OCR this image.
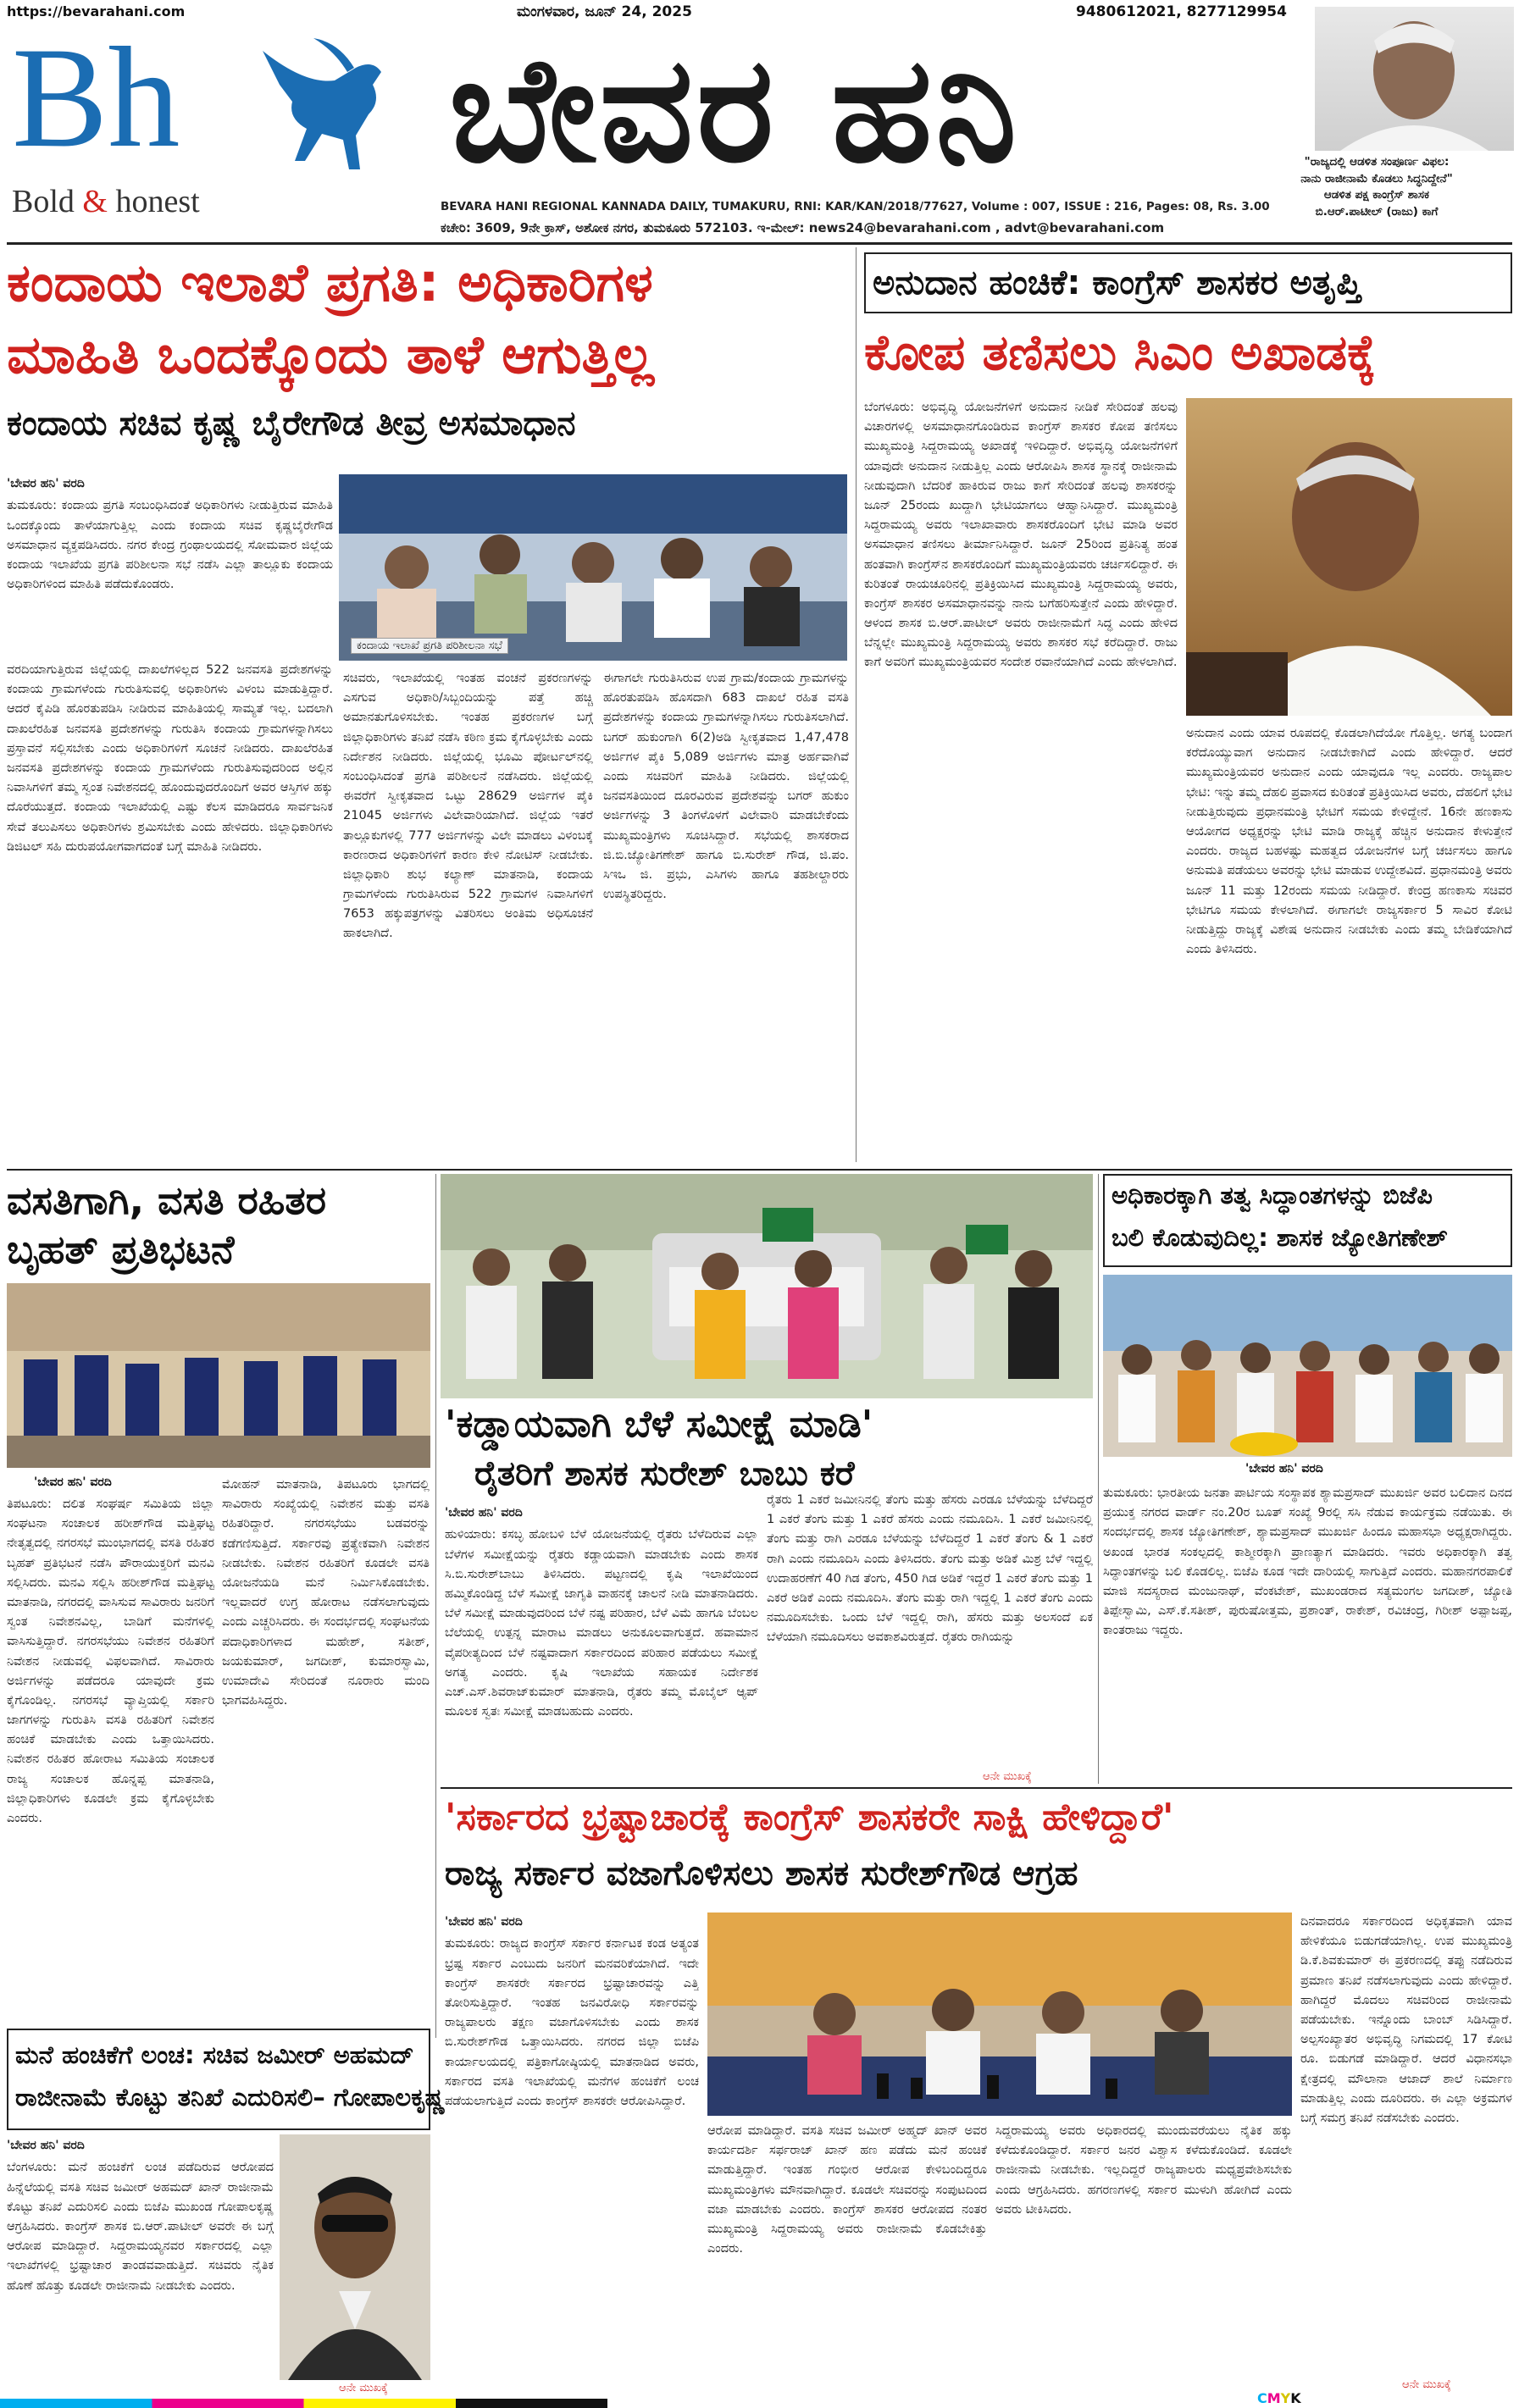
https://bevarahani.com	ಮಂಗಳವಾರ, ಜೂನ್ 24, 2025	9480612021, 8277129954
Bh
Bold & honest
ಬೇವರ ಹನಿ
BEVARA HANI REGIONAL KANNADA DAILY, TUMAKURU, RNI: KAR/KAN/2018/77627, Volume : 007, ISSUE : 216, Pages: 08, Rs. 3.00
ಕಚೇರಿ: 3609, 9ನೇ ಕ್ರಾಸ್, ಅಶೋಕ ನಗರ, ತುಮಕೂರು 572103. ಇ-ಮೇಲ್: news24@bevarahani.com , advt@bevarahani.com
"ರಾಜ್ಯದಲ್ಲಿ ಆಡಳಿತ ಸಂಪೂರ್ಣ ವಿಫಲ:
ನಾನು ರಾಜೀನಾಮೆ ಕೊಡಲು ಸಿದ್ಧನಿದ್ದೇನೆ"
ಆಡಳಿತ ಪಕ್ಷ ಕಾಂಗ್ರೆಸ್ ಶಾಸಕ
ಬಿ.ಆರ್.ಪಾಟೀಲ್ (ರಾಜು) ಕಾಗೆ
ಕಂದಾಯ ಇಲಾಖೆ ಪ್ರಗತಿ: ಅಧಿಕಾರಿಗಳ
ಮಾಹಿತಿ ಒಂದಕ್ಕೊಂದು ತಾಳೆ ಆಗುತ್ತಿಲ್ಲ
ಕಂದಾಯ ಸಚಿವ ಕೃಷ್ಣ ಬೈರೇಗೌಡ ತೀವ್ರ ಅಸಮಾಧಾನ
'ಬೇವರ ಹನಿ' ವರದಿ
ತುಮಕೂರು: ಕಂದಾಯ ಪ್ರಗತಿ ಸಂಬಂಧಿಸಿದಂತೆ ಅಧಿಕಾರಿಗಳು ನೀಡುತ್ತಿರುವ ಮಾಹಿತಿ ಒಂದಕ್ಕೊಂದು ತಾಳೆಯಾಗುತ್ತಿಲ್ಲ ಎಂದು ಕಂದಾಯ ಸಚಿವ ಕೃಷ್ಣಬೈರೇಗೌಡ ಅಸಮಾಧಾನ ವ್ಯಕ್ತಪಡಿಸಿದರು. ನಗರ ಕೇಂದ್ರ ಗ್ರಂಥಾಲಯದಲ್ಲಿ ಸೋಮವಾರ ಜಿಲ್ಲೆಯ ಕಂದಾಯ ಇಲಾಖೆಯ ಪ್ರಗತಿ ಪರಿಶೀಲನಾ ಸಭೆ ನಡೆಸಿ ಎಲ್ಲಾ ತಾಲ್ಲೂಕು ಕಂದಾಯ ಅಧಿಕಾರಿಗಳಿಂದ ಮಾಹಿತಿ ಪಡೆದುಕೊಂಡರು.
ಕಂದಾಯ ಇಲಾಖೆ ಪ್ರಗತಿ ಪರಿಶೀಲನಾ ಸಭೆ
ವರದಿಯಾಗುತ್ತಿರುವ ಜಿಲ್ಲೆಯಲ್ಲಿ ದಾಖಲೆಗಳಿಲ್ಲದ 522 ಜನವಸತಿ ಪ್ರದೇಶಗಳನ್ನು ಕಂದಾಯ ಗ್ರಾಮಗಳೆಂದು ಗುರುತಿಸುವಲ್ಲಿ ಅಧಿಕಾರಿಗಳು ವಿಳಂಬ ಮಾಡುತ್ತಿದ್ದಾರೆ. ಆದರೆ ಕೈಪಿಡಿ ಹೊರತುಪಡಿಸಿ ನೀಡಿರುವ ಮಾಹಿತಿಯಲ್ಲಿ ಸಾಮ್ಯತೆ ಇಲ್ಲ. ಬದಲಾಗಿ ದಾಖಲೆರಹಿತ ಜನವಸತಿ ಪ್ರದೇಶಗಳನ್ನು ಗುರುತಿಸಿ ಕಂದಾಯ ಗ್ರಾಮಗಳನ್ನಾಗಿಸಲು ಪ್ರಸ್ತಾವನೆ ಸಲ್ಲಿಸಬೇಕು ಎಂದು ಅಧಿಕಾರಿಗಳಿಗೆ ಸೂಚನೆ ನೀಡಿದರು. ದಾಖಲೆರಹಿತ ಜನವಸತಿ ಪ್ರದೇಶಗಳನ್ನು ಕಂದಾಯ ಗ್ರಾಮಗಳೆಂದು ಗುರುತಿಸುವುದರಿಂದ ಅಲ್ಲಿನ ನಿವಾಸಿಗಳಿಗೆ ತಮ್ಮ ಸ್ವಂತ ನಿವೇಶನದಲ್ಲಿ ಹೊಂದುವುದರೊಂದಿಗೆ ಅವರ ಆಸ್ತಿಗಳ ಹಕ್ಕು ದೊರೆಯುತ್ತದೆ. ಕಂದಾಯ ಇಲಾಖೆಯಲ್ಲಿ ಎಷ್ಟು ಕೆಲಸ ಮಾಡಿದರೂ ಸಾರ್ವಜನಿಕ ಸೇವೆ ತಲುಪಿಸಲು ಅಧಿಕಾರಿಗಳು ಶ್ರಮಿಸಬೇಕು ಎಂದು ಹೇಳಿದರು. ಜಿಲ್ಲಾಧಿಕಾರಿಗಳು ಡಿಜಿಟಲ್ ಸಹಿ ದುರುಪಯೋಗವಾಗದಂತೆ ಬಗ್ಗೆ ಮಾಹಿತಿ ನೀಡಿದರು.
ಸಚಿವರು, ಇಲಾಖೆಯಲ್ಲಿ ಇಂತಹ ವಂಚನೆ ಪ್ರಕರಣಗಳನ್ನು ಎಸಗುವ ಅಧಿಕಾರಿ/ಸಿಬ್ಬಂದಿಯನ್ನು ಪತ್ತೆ ಹಚ್ಚಿ ಅಮಾನತುಗೊಳಿಸಬೇಕು. ಇಂತಹ ಪ್ರಕರಣಗಳ ಬಗ್ಗೆ ಜಿಲ್ಲಾಧಿಕಾರಿಗಳು ತನಿಖೆ ನಡೆಸಿ ಕಠಿಣ ಕ್ರಮ ಕೈಗೊಳ್ಳಬೇಕು ಎಂದು ನಿರ್ದೇಶನ ನೀಡಿದರು. ಜಿಲ್ಲೆಯಲ್ಲಿ ಭೂಮಿ ಪೋರ್ಟಲ್‌ನಲ್ಲಿ ಸಂಬಂಧಿಸಿದಂತೆ ಪ್ರಗತಿ ಪರಿಶೀಲನೆ ನಡೆಸಿದರು. ಜಿಲ್ಲೆಯಲ್ಲಿ ಈವರೆಗೆ ಸ್ವೀಕೃತವಾದ ಒಟ್ಟು 28629 ಅರ್ಜಿಗಳ ಪೈಕಿ 21045 ಅರ್ಜಿಗಳು ವಿಲೇವಾರಿಯಾಗಿದೆ. ಜಿಲ್ಲೆಯ ಇತರೆ ತಾಲ್ಲೂಕುಗಳಲ್ಲಿ 777 ಅರ್ಜಿಗಳನ್ನು ವಿಲೇ ಮಾಡಲು ವಿಳಂಬಕ್ಕೆ ಕಾರಣರಾದ ಅಧಿಕಾರಿಗಳಿಗೆ ಕಾರಣ ಕೇಳಿ ನೋಟಿಸ್ ನೀಡಬೇಕು. ಜಿಲ್ಲಾಧಿಕಾರಿ ಶುಭ ಕಲ್ಯಾಣ್ ಮಾತನಾಡಿ, ಕಂದಾಯ ಗ್ರಾಮಗಳೆಂದು ಗುರುತಿಸಿರುವ 522 ಗ್ರಾಮಗಳ ನಿವಾಸಿಗಳಿಗೆ 7653 ಹಕ್ಕುಪತ್ರಗಳನ್ನು ವಿತರಿಸಲು ಅಂತಿಮ ಅಧಿಸೂಚನೆ ಹಾಕಲಾಗಿದೆ.
ಈಗಾಗಲೇ ಗುರುತಿಸಿರುವ ಉಪ ಗ್ರಾಮ/ಕಂದಾಯ ಗ್ರಾಮಗಳನ್ನು ಹೊರತುಪಡಿಸಿ ಹೊಸದಾಗಿ 683 ದಾಖಲೆ ರಹಿತ ವಸತಿ ಪ್ರದೇಶಗಳನ್ನು ಕಂದಾಯ ಗ್ರಾಮಗಳನ್ನಾಗಿಸಲು ಗುರುತಿಸಲಾಗಿದೆ. ಬಗರ್ ಹುಕುಂಗಾಗಿ 6(2)ಅಡಿ ಸ್ವೀಕೃತವಾದ 1,47,478 ಅರ್ಜಿಗಳ ಪೈಕಿ 5,089 ಅರ್ಜಿಗಳು ಮಾತ್ರ ಅರ್ಹವಾಗಿವೆ ಎಂದು ಸಚಿವರಿಗೆ ಮಾಹಿತಿ ನೀಡಿದರು. ಜಿಲ್ಲೆಯಲ್ಲಿ ಜನವಸತಿಯಿಂದ ದೂರವಿರುವ ಪ್ರದೇಶವನ್ನು ಬಗರ್ ಹುಕುಂ ಅರ್ಜಿಗಳನ್ನು 3 ತಿಂಗಳೊಳಗೆ ವಿಲೇವಾರಿ ಮಾಡಬೇಕೆಂದು ಮುಖ್ಯಮಂತ್ರಿಗಳು ಸೂಚಿಸಿದ್ದಾರೆ. ಸಭೆಯಲ್ಲಿ ಶಾಸಕರಾದ ಜಿ.ಬಿ.ಜ್ಯೋತಿಗಣೇಶ್ ಹಾಗೂ ಬಿ.ಸುರೇಶ್ ಗೌಡ, ಜಿ.ಪಂ. ಸಿಇಒ ಜಿ. ಪ್ರಭು, ಎಸಿಗಳು ಹಾಗೂ ತಹಶೀಲ್ದಾರರು ಉಪಸ್ಥಿತರಿದ್ದರು.
ಅನುದಾನ ಹಂಚಿಕೆ: ಕಾಂಗ್ರೆಸ್ ಶಾಸಕರ ಅತೃಪ್ತಿ
ಕೋಪ ತಣಿಸಲು ಸಿಎಂ ಅಖಾಡಕ್ಕೆ
ಬೆಂಗಳೂರು: ಅಭಿವೃದ್ಧಿ ಯೋಜನೆಗಳಿಗೆ ಅನುದಾನ ನೀಡಿಕೆ ಸೇರಿದಂತೆ ಹಲವು ವಿಚಾರಗಳಲ್ಲಿ ಅಸಮಾಧಾನಗೊಂಡಿರುವ ಕಾಂಗ್ರೆಸ್ ಶಾಸಕರ ಕೋಪ ತಣಿಸಲು ಮುಖ್ಯಮಂತ್ರಿ ಸಿದ್ದರಾಮಯ್ಯ ಅಖಾಡಕ್ಕೆ ಇಳಿದಿದ್ದಾರೆ. ಅಭಿವೃದ್ಧಿ ಯೋಜನೆಗಳಿಗೆ ಯಾವುದೇ ಅನುದಾನ ನೀಡುತ್ತಿಲ್ಲ ಎಂದು ಆರೋಪಿಸಿ ಶಾಸಕ ಸ್ಥಾನಕ್ಕೆ ರಾಜೀನಾಮೆ ನೀಡುವುದಾಗಿ ಬೆದರಿಕೆ ಹಾಕಿರುವ ರಾಜು ಕಾಗೆ ಸೇರಿದಂತೆ ಹಲವು ಶಾಸಕರನ್ನು ಜೂನ್ 25ರಂದು ಖುದ್ದಾಗಿ ಭೇಟಿಯಾಗಲು ಆಹ್ವಾನಿಸಿದ್ದಾರೆ. ಮುಖ್ಯಮಂತ್ರಿ ಸಿದ್ದರಾಮಯ್ಯ ಅವರು ಇಲಾಖಾವಾರು ಶಾಸಕರೊಂದಿಗೆ ಭೇಟಿ ಮಾಡಿ ಅವರ ಅಸಮಾಧಾನ ತಣಿಸಲು ತೀರ್ಮಾನಿಸಿದ್ದಾರೆ. ಜೂನ್ 25ರಿಂದ ಪ್ರತಿನಿತ್ಯ ಹಂತ ಹಂತವಾಗಿ ಕಾಂಗ್ರೆಸ್‌ನ ಶಾಸಕರೊಂದಿಗೆ ಮುಖ್ಯಮಂತ್ರಿಯವರು ಚರ್ಚಿಸಲಿದ್ದಾರೆ. ಈ ಕುರಿತಂತೆ ರಾಯಚೂರಿನಲ್ಲಿ ಪ್ರತಿಕ್ರಿಯಿಸಿದ ಮುಖ್ಯಮಂತ್ರಿ ಸಿದ್ದರಾಮಯ್ಯ ಅವರು, ಕಾಂಗ್ರೆಸ್ ಶಾಸಕರ ಅಸಮಾಧಾನವನ್ನು ನಾನು ಬಗೆಹರಿಸುತ್ತೇನೆ ಎಂದು ಹೇಳಿದ್ದಾರೆ. ಆಳಂದ ಶಾಸಕ ಬಿ.ಆರ್.ಪಾಟೀಲ್ ಅವರು ರಾಜೀನಾಮೆಗೆ ಸಿದ್ಧ ಎಂದು ಹೇಳಿದ ಬೆನ್ನಲ್ಲೇ ಮುಖ್ಯಮಂತ್ರಿ ಸಿದ್ದರಾಮಯ್ಯ ಅವರು ಶಾಸಕರ ಸಭೆ ಕರೆದಿದ್ದಾರೆ. ರಾಜು ಕಾಗೆ ಅವರಿಗೆ ಮುಖ್ಯಮಂತ್ರಿಯವರ ಸಂದೇಶ ರವಾನೆಯಾಗಿದೆ ಎಂದು ಹೇಳಲಾಗಿದೆ.
ಅನುದಾನ ಎಂದು ಯಾವ ರೂಪದಲ್ಲಿ ಕೊಡಲಾಗಿದೆಯೋ ಗೊತ್ತಿಲ್ಲ. ಅಗತ್ಯ ಬಂದಾಗ ಕರೆದೊಯ್ಯುವಾಗ ಅನುದಾನ ನೀಡಬೇಕಾಗಿದೆ ಎಂದು ಹೇಳಿದ್ದಾರೆ. ಆದರೆ ಮುಖ್ಯಮಂತ್ರಿಯವರ ಅನುದಾನ ಎಂದು ಯಾವುದೂ ಇಲ್ಲ ಎಂದರು. ರಾಜ್ಯಪಾಲ ಭೇಟಿ: ಇನ್ನು ತಮ್ಮ ದೆಹಲಿ ಪ್ರವಾಸದ ಕುರಿತಂತೆ ಪ್ರತಿಕ್ರಿಯಿಸಿದ ಅವರು, ದೆಹಲಿಗೆ ಭೇಟಿ ನೀಡುತ್ತಿರುವುದು ಪ್ರಧಾನಮಂತ್ರಿ ಭೇಟಿಗೆ ಸಮಯ ಕೇಳಿದ್ದೇನೆ. 16ನೇ ಹಣಕಾಸು ಆಯೋಗದ ಅಧ್ಯಕ್ಷರನ್ನು ಭೇಟಿ ಮಾಡಿ ರಾಜ್ಯಕ್ಕೆ ಹೆಚ್ಚಿನ ಅನುದಾನ ಕೇಳುತ್ತೇನೆ ಎಂದರು. ರಾಜ್ಯದ ಬಹಳಷ್ಟು ಮಹತ್ವದ ಯೋಜನೆಗಳ ಬಗ್ಗೆ ಚರ್ಚಿಸಲು ಹಾಗೂ ಅನುಮತಿ ಪಡೆಯಲು ಅವರನ್ನು ಭೇಟಿ ಮಾಡುವ ಉದ್ದೇಶವಿದೆ. ಪ್ರಧಾನಮಂತ್ರಿ ಅವರು ಜೂನ್ 11 ಮತ್ತು 12ರಂದು ಸಮಯ ನೀಡಿದ್ದಾರೆ. ಕೇಂದ್ರ ಹಣಕಾಸು ಸಚಿವರ ಭೇಟಿಗೂ ಸಮಯ ಕೇಳಲಾಗಿದೆ. ಈಗಾಗಲೇ ರಾಜ್ಯಸರ್ಕಾರ 5 ಸಾವಿರ ಕೋಟಿ ನೀಡುತ್ತಿದ್ದು ರಾಜ್ಯಕ್ಕೆ ವಿಶೇಷ ಅನುದಾನ ನೀಡಬೇಕು ಎಂದು ತಮ್ಮ ಬೇಡಿಕೆಯಾಗಿದೆ ಎಂದು ತಿಳಿಸಿದರು.
ವಸತಿಗಾಗಿ, ವಸತಿ ರಹಿತರ
ಬೃಹತ್ ಪ್ರತಿಭಟನೆ
'ಬೇವರ ಹನಿ' ವರದಿ
ತಿಪಟೂರು: ದಲಿತ ಸಂಘರ್ಷ ಸಮಿತಿಯ ಜಿಲ್ಲಾ ಸಂಘಟನಾ ಸಂಚಾಲಕ ಹರೀಶ್‌ಗೌಡ ಮತ್ತಿಘಟ್ಟ ನೇತೃತ್ವದಲ್ಲಿ ನಗರಸಭೆ ಮುಂಭಾಗದಲ್ಲಿ ವಸತಿ ರಹಿತರ ಬೃಹತ್ ಪ್ರತಿಭಟನೆ ನಡೆಸಿ ಪೌರಾಯುಕ್ತರಿಗೆ ಮನವಿ ಸಲ್ಲಿಸಿದರು. ಮನವಿ ಸಲ್ಲಿಸಿ ಹರೀಶ್‌ಗೌಡ ಮತ್ತಿಘಟ್ಟ ಮಾತನಾಡಿ, ನಗರದಲ್ಲಿ ವಾಸಿಸುವ ಸಾವಿರಾರು ಜನರಿಗೆ ಸ್ವಂತ ನಿವೇಶನವಿಲ್ಲ, ಬಾಡಿಗೆ ಮನೆಗಳಲ್ಲಿ ವಾಸಿಸುತ್ತಿದ್ದಾರೆ. ನಗರಸಭೆಯು ನಿವೇಶನ ರಹಿತರಿಗೆ ನಿವೇಶನ ನೀಡುವಲ್ಲಿ ವಿಫಲವಾಗಿದೆ. ಸಾವಿರಾರು ಅರ್ಜಿಗಳನ್ನು ಪಡೆದರೂ ಯಾವುದೇ ಕ್ರಮ ಕೈಗೊಂಡಿಲ್ಲ. ನಗರಸಭೆ ವ್ಯಾಪ್ತಿಯಲ್ಲಿ ಸರ್ಕಾರಿ ಜಾಗಗಳನ್ನು ಗುರುತಿಸಿ ವಸತಿ ರಹಿತರಿಗೆ ನಿವೇಶನ ಹಂಚಿಕೆ ಮಾಡಬೇಕು ಎಂದು ಒತ್ತಾಯಿಸಿದರು. ನಿವೇಶನ ರಹಿತರ ಹೋರಾಟ ಸಮಿತಿಯ ಸಂಚಾಲಕ ರಾಜ್ಯ ಸಂಚಾಲಕ ಹೊನ್ನಪ್ಪ ಮಾತನಾಡಿ, ಜಿಲ್ಲಾಧಿಕಾರಿಗಳು ಕೂಡಲೇ ಕ್ರಮ ಕೈಗೊಳ್ಳಬೇಕು ಎಂದರು.
ಮೋಹನ್ ಮಾತನಾಡಿ, ತಿಪಟೂರು ಭಾಗದಲ್ಲಿ ಸಾವಿರಾರು ಸಂಖ್ಯೆಯಲ್ಲಿ ನಿವೇಶನ ಮತ್ತು ವಸತಿ ರಹಿತರಿದ್ದಾರೆ. ನಗರಸಭೆಯು ಬಡವರನ್ನು ಕಡೆಗಣಿಸುತ್ತಿದೆ. ಸರ್ಕಾರವು ಪ್ರತ್ಯೇಕವಾಗಿ ನಿವೇಶನ ನೀಡಬೇಕು. ನಿವೇಶನ ರಹಿತರಿಗೆ ಕೂಡಲೇ ವಸತಿ ಯೋಜನೆಯಡಿ ಮನೆ ನಿರ್ಮಿಸಿಕೊಡಬೇಕು. ಇಲ್ಲವಾದರೆ ಉಗ್ರ ಹೋರಾಟ ನಡೆಸಲಾಗುವುದು ಎಂದು ಎಚ್ಚರಿಸಿದರು. ಈ ಸಂದರ್ಭದಲ್ಲಿ ಸಂಘಟನೆಯ ಪದಾಧಿಕಾರಿಗಳಾದ ಮಹೇಶ್, ಸತೀಶ್, ಜಯಕುಮಾರ್, ಜಗದೀಶ್, ಕುಮಾರಸ್ವಾಮಿ, ಉಮಾದೇವಿ ಸೇರಿದಂತೆ ನೂರಾರು ಮಂದಿ ಭಾಗವಹಿಸಿದ್ದರು.
'ಕಡ್ಡಾಯವಾಗಿ ಬೆಳೆ ಸಮೀಕ್ಷೆ ಮಾಡಿ'
ರೈತರಿಗೆ ಶಾಸಕ ಸುರೇಶ್ ಬಾಬು ಕರೆ
'ಬೇವರ ಹನಿ' ವರದಿ
ಹುಳಿಯಾರು: ಕಸಬ್ಳ ಹೋಬಳಿ ಬೆಳೆ ಯೋಜನೆಯಲ್ಲಿ ರೈತರು ಬೆಳೆದಿರುವ ಎಲ್ಲಾ ಬೆಳೆಗಳ ಸಮೀಕ್ಷೆಯನ್ನು ರೈತರು ಕಡ್ಡಾಯವಾಗಿ ಮಾಡಬೇಕು ಎಂದು ಶಾಸಕ ಸಿ.ಬಿ.ಸುರೇಶ್‌ಬಾಬು ತಿಳಿಸಿದರು. ಪಟ್ಟಣದಲ್ಲಿ ಕೃಷಿ ಇಲಾಖೆಯಿಂದ ಹಮ್ಮಿಕೊಂಡಿದ್ದ ಬೆಳೆ ಸಮೀಕ್ಷೆ ಜಾಗೃತಿ ವಾಹನಕ್ಕೆ ಚಾಲನೆ ನೀಡಿ ಮಾತನಾಡಿದರು. ಬೆಳೆ ಸಮೀಕ್ಷೆ ಮಾಡುವುದರಿಂದ ಬೆಳೆ ನಷ್ಟ ಪರಿಹಾರ, ಬೆಳೆ ವಿಮೆ ಹಾಗೂ ಬೆಂಬಲ ಬೆಲೆಯಲ್ಲಿ ಉತ್ಪನ್ನ ಮಾರಾಟ ಮಾಡಲು ಅನುಕೂಲವಾಗುತ್ತದೆ. ಹವಾಮಾನ ವೈಪರೀತ್ಯದಿಂದ ಬೆಳೆ ನಷ್ಟವಾದಾಗ ಸರ್ಕಾರದಿಂದ ಪರಿಹಾರ ಪಡೆಯಲು ಸಮೀಕ್ಷೆ ಅಗತ್ಯ ಎಂದರು. ಕೃಷಿ ಇಲಾಖೆಯ ಸಹಾಯಕ ನಿರ್ದೇಶಕ ಎಚ್.ಎಸ್.ಶಿವರಾಜ್‌ಕುಮಾರ್ ಮಾತನಾಡಿ, ರೈತರು ತಮ್ಮ ಮೊಬೈಲ್ ಆ್ಯಪ್ ಮೂಲಕ ಸ್ವತಃ ಸಮೀಕ್ಷೆ ಮಾಡಬಹುದು ಎಂದರು.
ರೈತರು 1 ಎಕರೆ ಜಮೀನಿನಲ್ಲಿ ತೆಂಗು ಮತ್ತು ಹೆಸರು ಎರಡೂ ಬೆಳೆಯನ್ನು ಬೆಳೆದಿದ್ದರೆ 1 ಎಕರೆ ತೆಂಗು ಮತ್ತು 1 ಎಕರೆ ಹೆಸರು ಎಂದು ನಮೂದಿಸಿ. 1 ಎಕರೆ ಜಮೀನಿನಲ್ಲಿ ತೆಂಗು ಮತ್ತು ರಾಗಿ ಎರಡೂ ಬೆಳೆಯನ್ನು ಬೆಳೆದಿದ್ದರೆ 1 ಎಕರೆ ತೆಂಗು & 1 ಎಕರೆ ರಾಗಿ ಎಂದು ನಮೂದಿಸಿ ಎಂದು ತಿಳಿಸಿದರು. ತೆಂಗು ಮತ್ತು ಅಡಿಕೆ ಮಿಶ್ರ ಬೆಳೆ ಇದ್ದಲ್ಲಿ ಉದಾಹರಣೆಗೆ 40 ಗಿಡ ತೆಂಗು, 450 ಗಿಡ ಅಡಿಕೆ ಇದ್ದರೆ 1 ಎಕರೆ ತೆಂಗು ಮತ್ತು 1 ಎಕರೆ ಅಡಿಕೆ ಎಂದು ನಮೂದಿಸಿ. ತೆಂಗು ಮತ್ತು ರಾಗಿ ಇದ್ದಲ್ಲಿ 1 ಎಕರೆ ತೆಂಗು ಎಂದು ನಮೂದಿಸಬೇಕು. ಒಂದು ಬೆಳೆ ಇದ್ದಲ್ಲಿ ರಾಗಿ, ಹೆಸರು ಮತ್ತು ಅಲಸಂದೆ ಏಕ ಬೆಳೆಯಾಗಿ ನಮೂದಿಸಲು ಅವಕಾಶವಿರುತ್ತದೆ. ರೈತರು ರಾಗಿಯನ್ನು
ಆನೇ ಮುಖಕ್ಕೆ
ಅಧಿಕಾರಕ್ಕಾಗಿ ತತ್ವ ಸಿದ್ಧಾಂತಗಳನ್ನು ಬಿಜೆಪಿ
ಬಲಿ ಕೊಡುವುದಿಲ್ಲ: ಶಾಸಕ ಜ್ಯೋತಿಗಣೇಶ್
'ಬೇವರ ಹನಿ' ವರದಿ
ತುಮಕೂರು: ಭಾರತೀಯ ಜನತಾ ಪಾರ್ಟಿಯ ಸಂಸ್ಥಾಪಕ ಶ್ಯಾಮಪ್ರಸಾದ್ ಮುಖರ್ಜಿ ಅವರ ಬಲಿದಾನ ದಿನದ ಪ್ರಯುಕ್ತ ನಗರದ ವಾರ್ಡ್ ನಂ.20ರ ಬೂತ್ ಸಂಖ್ಯೆ 9ರಲ್ಲಿ ಸಸಿ ನೆಡುವ ಕಾರ್ಯಕ್ರಮ ನಡೆಯಿತು. ಈ ಸಂದರ್ಭದಲ್ಲಿ ಶಾಸಕ ಜ್ಯೋತಿಗಣೇಶ್, ಶ್ಯಾಮಪ್ರಸಾದ್ ಮುಖರ್ಜಿ ಹಿಂದೂ ಮಹಾಸಭಾ ಅಧ್ಯಕ್ಷರಾಗಿದ್ದರು. ಅಖಂಡ ಭಾರತ ಸಂಕಲ್ಪದಲ್ಲಿ ಕಾಶ್ಮೀರಕ್ಕಾಗಿ ಪ್ರಾಣತ್ಯಾಗ ಮಾಡಿದರು. ಇವರು ಅಧಿಕಾರಕ್ಕಾಗಿ ತತ್ವ ಸಿದ್ಧಾಂತಗಳನ್ನು ಬಲಿ ಕೊಡಲಿಲ್ಲ. ಬಿಜೆಪಿ ಕೂಡ ಇದೇ ದಾರಿಯಲ್ಲಿ ಸಾಗುತ್ತಿದೆ ಎಂದರು. ಮಹಾನಗರಪಾಲಿಕೆ ಮಾಜಿ ಸದಸ್ಯರಾದ ಮಂಜುನಾಥ್, ವೆಂಕಟೇಶ್, ಮುಖಂಡರಾದ ಸತ್ಯಮಂಗಲ ಜಗದೀಶ್, ಜ್ಯೋತಿ ತಿಪ್ಪೇಸ್ವಾಮಿ, ಎಸ್.ಕೆ.ಸತೀಶ್, ಪುರುಷೋತ್ತಮ, ಪ್ರಶಾಂತ್, ರಾಕೇಶ್, ರವಿಚಂದ್ರ, ಗಿರೀಶ್ ಅಪ್ಪಾಜಪ್ಪ, ಕಾಂತರಾಜು ಇದ್ದರು.
'ಸರ್ಕಾರದ ಭ್ರಷ್ಟಾಚಾರಕ್ಕೆ ಕಾಂಗ್ರೆಸ್ ಶಾಸಕರೇ ಸಾಕ್ಷಿ ಹೇಳಿದ್ದಾರೆ'
ರಾಜ್ಯ ಸರ್ಕಾರ ವಜಾಗೊಳಿಸಲು ಶಾಸಕ ಸುರೇಶ್‌ಗೌಡ ಆಗ್ರಹ
'ಬೇವರ ಹನಿ' ವರದಿ
ತುಮಕೂರು: ರಾಜ್ಯದ ಕಾಂಗ್ರೆಸ್ ಸರ್ಕಾರ ಕರ್ನಾಟಕ ಕಂಡ ಅತ್ಯಂತ ಭ್ರಷ್ಟ ಸರ್ಕಾರ ಎಂಬುದು ಜನರಿಗೆ ಮನವರಿಕೆಯಾಗಿದೆ. ಇದೇ ಕಾಂಗ್ರೆಸ್ ಶಾಸಕರೇ ಸರ್ಕಾರದ ಭ್ರಷ್ಟಾಚಾರವನ್ನು ಎತ್ತಿ ತೋರಿಸುತ್ತಿದ್ದಾರೆ. ಇಂತಹ ಜನವಿರೋಧಿ ಸರ್ಕಾರವನ್ನು ರಾಜ್ಯಪಾಲರು ತಕ್ಷಣ ವಜಾಗೊಳಿಸಬೇಕು ಎಂದು ಶಾಸಕ ಬಿ.ಸುರೇಶ್‌ಗೌಡ ಒತ್ತಾಯಿಸಿದರು. ನಗರದ ಜಿಲ್ಲಾ ಬಿಜೆಪಿ ಕಾರ್ಯಾಲಯದಲ್ಲಿ ಪತ್ರಿಕಾಗೋಷ್ಠಿಯಲ್ಲಿ ಮಾತನಾಡಿದ ಅವರು, ಸರ್ಕಾರದ ವಸತಿ ಇಲಾಖೆಯಲ್ಲಿ ಮನೆಗಳ ಹಂಚಿಕೆಗೆ ಲಂಚ ಪಡೆಯಲಾಗುತ್ತಿದೆ ಎಂದು ಕಾಂಗ್ರೆಸ್ ಶಾಸಕರೇ ಆರೋಪಿಸಿದ್ದಾರೆ.
ಆರೋಪ ಮಾಡಿದ್ದಾರೆ. ವಸತಿ ಸಚಿವ ಜಮೀರ್ ಅಹ್ಮದ್ ಖಾನ್ ಅವರ ಕಾರ್ಯದರ್ಶಿ ಸರ್ಫರಾಜ್ ಖಾನ್ ಹಣ ಪಡೆದು ಮನೆ ಹಂಚಿಕೆ ಮಾಡುತ್ತಿದ್ದಾರೆ. ಇಂತಹ ಗಂಭೀರ ಆರೋಪ ಕೇಳಿಬಂದಿದ್ದರೂ ಮುಖ್ಯಮಂತ್ರಿಗಳು ಮೌನವಾಗಿದ್ದಾರೆ. ಕೂಡಲೇ ಸಚಿವರನ್ನು ಸಂಪುಟದಿಂದ ವಜಾ ಮಾಡಬೇಕು ಎಂದರು. ಕಾಂಗ್ರೆಸ್ ಶಾಸಕರ ಆರೋಪದ ನಂತರ ಮುಖ್ಯಮಂತ್ರಿ ಸಿದ್ದರಾಮಯ್ಯ ಅವರು ರಾಜೀನಾಮೆ ಕೊಡಬೇಕಿತ್ತು ಎಂದರು.
ಸಿದ್ದರಾಮಯ್ಯ ಅವರು ಅಧಿಕಾರದಲ್ಲಿ ಮುಂದುವರೆಯಲು ನೈತಿಕ ಹಕ್ಕು ಕಳೆದುಕೊಂಡಿದ್ದಾರೆ. ಸರ್ಕಾರ ಜನರ ವಿಶ್ವಾಸ ಕಳೆದುಕೊಂಡಿದೆ. ಕೂಡಲೇ ರಾಜೀನಾಮೆ ನೀಡಬೇಕು. ಇಲ್ಲದಿದ್ದರೆ ರಾಜ್ಯಪಾಲರು ಮಧ್ಯಪ್ರವೇಶಿಸಬೇಕು ಎಂದು ಆಗ್ರಹಿಸಿದರು. ಹಗರಣಗಳಲ್ಲಿ ಸರ್ಕಾರ ಮುಳುಗಿ ಹೋಗಿದೆ ಎಂದು ಅವರು ಟೀಕಿಸಿದರು.
ದಿನವಾದರೂ ಸರ್ಕಾರದಿಂದ ಅಧಿಕೃತವಾಗಿ ಯಾವ ಹೇಳಿಕೆಯೂ ಬಿಡುಗಡೆಯಾಗಿಲ್ಲ. ಉಪ ಮುಖ್ಯಮಂತ್ರಿ ಡಿ.ಕೆ.ಶಿವಕುಮಾರ್ ಈ ಪ್ರಕರಣದಲ್ಲಿ ತಪ್ಪು ನಡೆದಿರುವ ಪ್ರಮಾಣ ತನಿಖೆ ನಡೆಸಲಾಗುವುದು ಎಂದು ಹೇಳಿದ್ದಾರೆ. ಹಾಗಿದ್ದರೆ ಮೊದಲು ಸಚಿವರಿಂದ ರಾಜೀನಾಮೆ ಪಡೆಯಬೇಕು. ಇನ್ನೊಂದು ಬಾಂಬ್ ಸಿಡಿಸಿದ್ದಾರೆ. ಅಲ್ಪಸಂಖ್ಯಾತರ ಅಭಿವೃದ್ಧಿ ನಿಗಮದಲ್ಲಿ 17 ಕೋಟಿ ರೂ. ಬಿಡುಗಡೆ ಮಾಡಿದ್ದಾರೆ. ಆದರೆ ವಿಧಾನಸಭಾ ಕ್ಷೇತ್ರದಲ್ಲಿ ಮೌಲಾನಾ ಆಜಾದ್ ಶಾಲೆ ನಿರ್ಮಾಣ ಮಾಡುತ್ತಿಲ್ಲ ಎಂದು ದೂರಿದರು. ಈ ಎಲ್ಲಾ ಅಕ್ರಮಗಳ ಬಗ್ಗೆ ಸಮಗ್ರ ತನಿಖೆ ನಡೆಸಬೇಕು ಎಂದರು.
ಆನೇ ಮುಖಕ್ಕೆ
ಮನೆ ಹಂಚಿಕೆಗೆ ಲಂಚ: ಸಚಿವ ಜಮೀರ್ ಅಹಮದ್
ರಾಜೀನಾಮೆ ಕೊಟ್ಟು ತನಿಖೆ ಎದುರಿಸಲಿ– ಗೋಪಾಲಕೃಷ್ಣ
'ಬೇವರ ಹನಿ' ವರದಿ
ಬೆಂಗಳೂರು: ಮನೆ ಹಂಚಿಕೆಗೆ ಲಂಚ ಪಡೆದಿರುವ ಆರೋಪದ ಹಿನ್ನೆಲೆಯಲ್ಲಿ ವಸತಿ ಸಚಿವ ಜಮೀರ್ ಅಹಮದ್ ಖಾನ್ ರಾಜೀನಾಮೆ ಕೊಟ್ಟು ತನಿಖೆ ಎದುರಿಸಲಿ ಎಂದು ಬಿಜೆಪಿ ಮುಖಂಡ ಗೋಪಾಲಕೃಷ್ಣ ಆಗ್ರಹಿಸಿದರು. ಕಾಂಗ್ರೆಸ್ ಶಾಸಕ ಬಿ.ಆರ್.ಪಾಟೀಲ್ ಅವರೇ ಈ ಬಗ್ಗೆ ಆರೋಪ ಮಾಡಿದ್ದಾರೆ. ಸಿದ್ದರಾಮಯ್ಯನವರ ಸರ್ಕಾರದಲ್ಲಿ ಎಲ್ಲಾ ಇಲಾಖೆಗಳಲ್ಲಿ ಭ್ರಷ್ಟಾಚಾರ ತಾಂಡವವಾಡುತ್ತಿದೆ. ಸಚಿವರು ನೈತಿಕ ಹೊಣೆ ಹೊತ್ತು ಕೂಡಲೇ ರಾಜೀನಾಮೆ ನೀಡಬೇಕು ಎಂದರು.
ಆನೇ ಮುಖಕ್ಕೆ
CMYK
